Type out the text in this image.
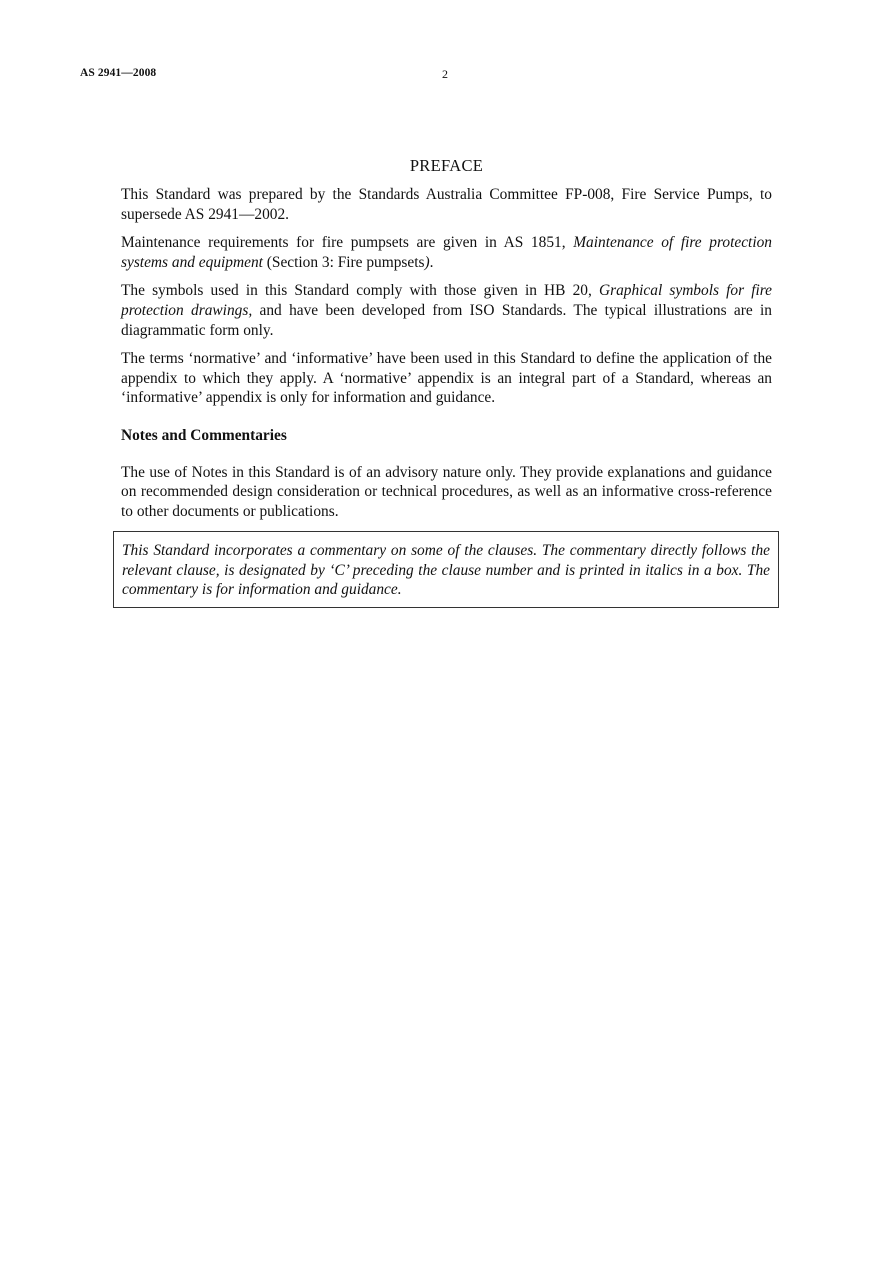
AS 2941—2008	2
PREFACE

This Standard was prepared by the Standards Australia Committee FP-008, Fire Service Pumps, to supersede AS 2941—2002.

Maintenance requirements for fire pumpsets are given in AS 1851, Maintenance of fire protection systems and equipment (Section 3: Fire pumpsets).

The symbols used in this Standard comply with those given in HB 20, Graphical symbols for fire protection drawings, and have been developed from ISO Standards. The typical illustrations are in diagrammatic form only.

The terms ‘normative’ and ‘informative’ have been used in this Standard to define the application of the appendix to which they apply. A ‘normative’ appendix is an integral part of a Standard, whereas an ‘informative’ appendix is only for information and guidance.

Notes and Commentaries

The use of Notes in this Standard is of an advisory nature only. They provide explanations and guidance on recommended design consideration or technical procedures, as well as an informative cross-reference to other documents or publications.

This Standard incorporates a commentary on some of the clauses. The commentary directly follows the relevant clause, is designated by ‘C’ preceding the clause number and is printed in italics in a box. The commentary is for information and guidance.
